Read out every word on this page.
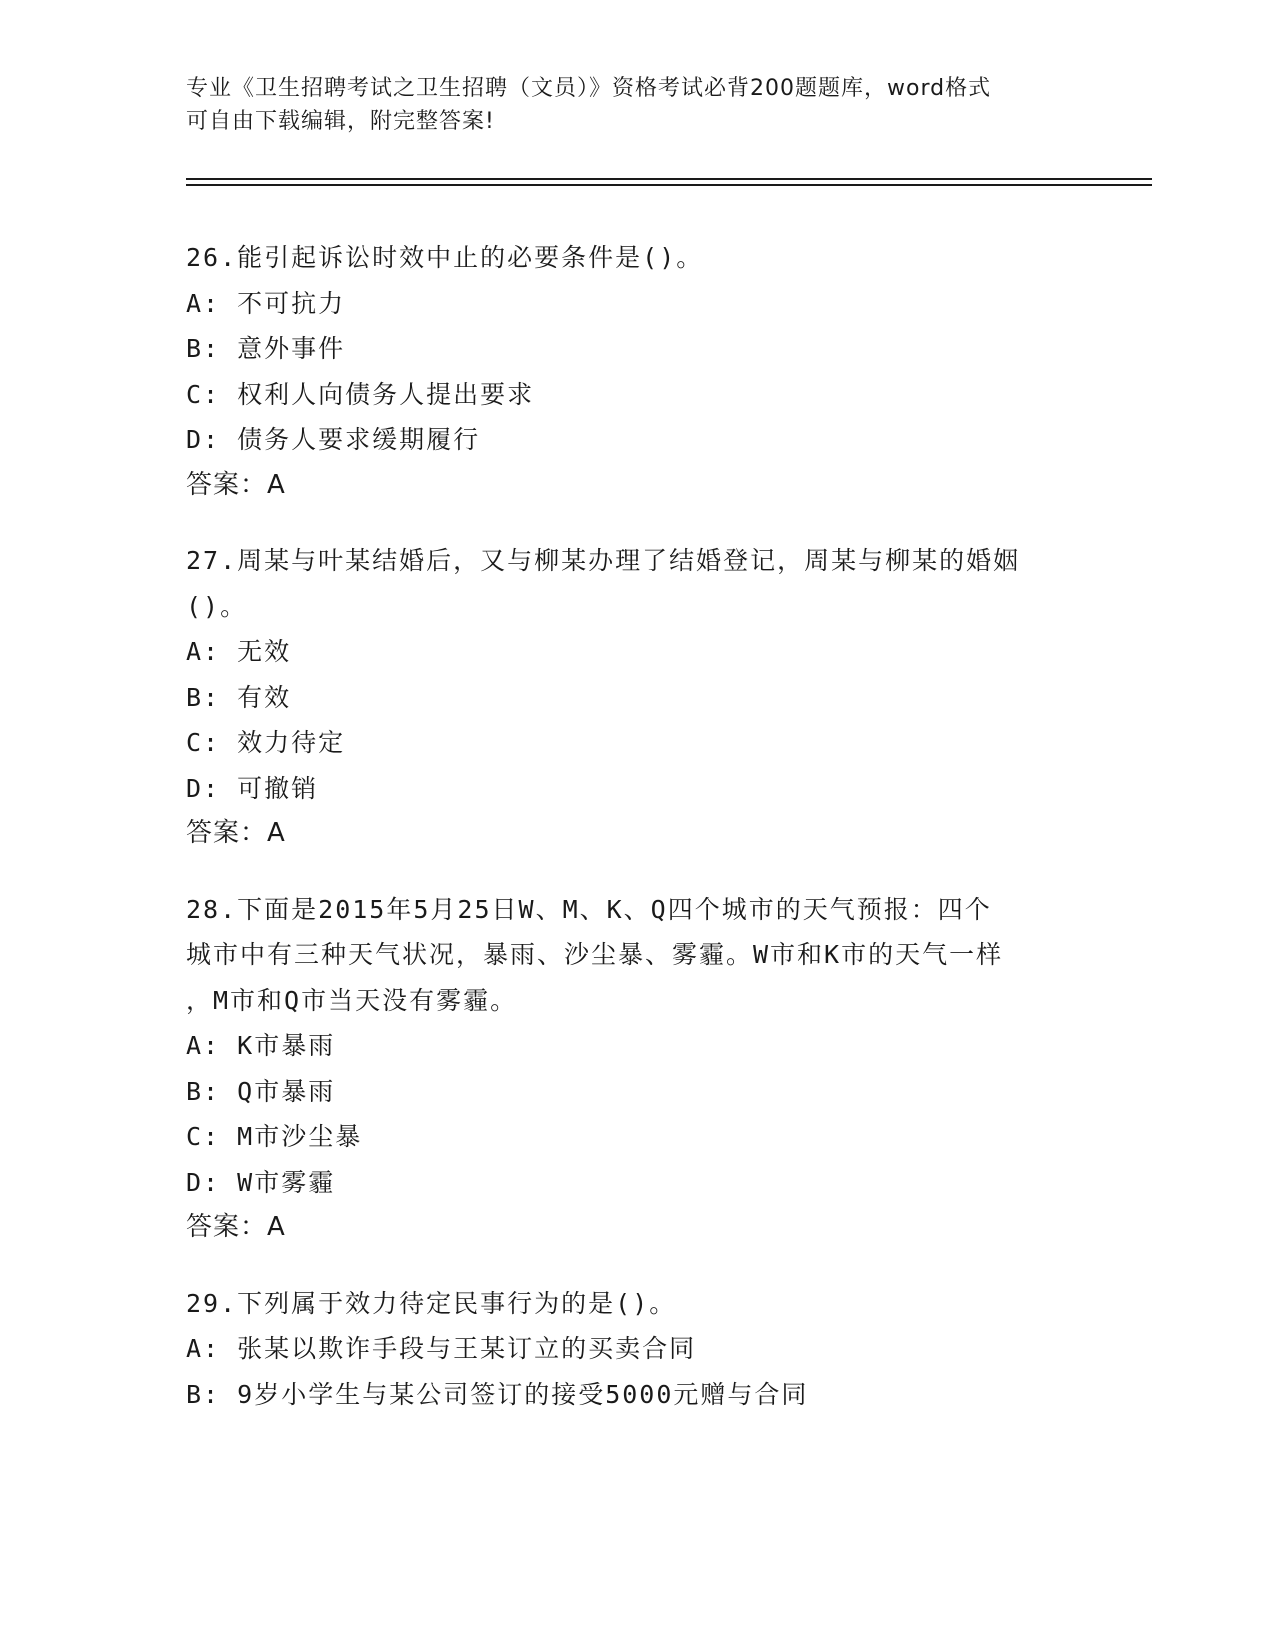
专业《卫生招聘考试之卫生招聘（文员）》资格考试必背200题题库，word格式
可自由下载编辑，附完整答案!
26.能引起诉讼时效中止的必要条件是()。
A: 不可抗力
B: 意外事件
C: 权利人向债务人提出要求
D: 债务人要求缓期履行
答案：A
27.周某与叶某结婚后，又与柳某办理了结婚登记，周某与柳某的婚姻
()。
A: 无效
B: 有效
C: 效力待定
D: 可撤销
答案：A
28.下面是2015年5月25日W、M、K、Q四个城市的天气预报：四个
城市中有三种天气状况，暴雨、沙尘暴、雾霾。W市和K市的天气一样
，M市和Q市当天没有雾霾。
A: K市暴雨
B: Q市暴雨
C: M市沙尘暴
D: W市雾霾
答案：A
29.下列属于效力待定民事行为的是()。
A: 张某以欺诈手段与王某订立的买卖合同
B: 9岁小学生与某公司签订的接受5000元赠与合同
